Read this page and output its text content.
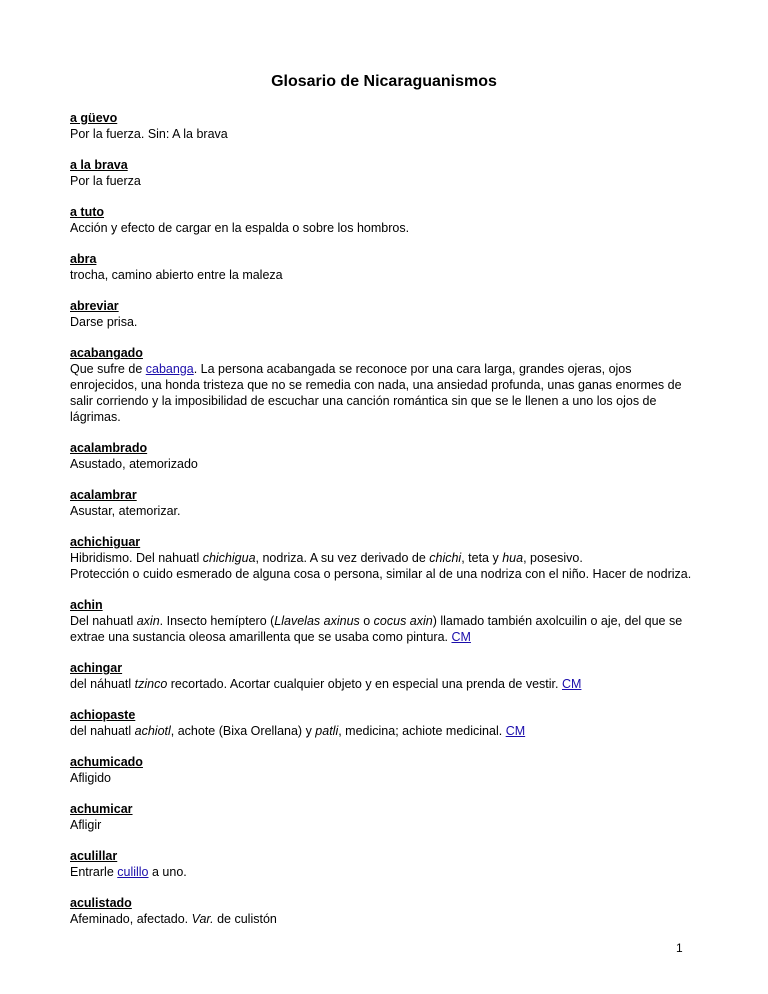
Glosario de Nicaraguanismos

a güevo

Por la fuerza. Sin: A la brava

a la brava

Por la fuerza

a tuto

Acción y efecto de cargar en la espalda o sobre los hombros.

abra

trocha, camino abierto entre la maleza

abreviar

Darse prisa.

acabangado

Que sufre de cabanga. La persona acabangada se reconoce por una cara larga, grandes ojeras, ojos enrojecidos, una honda tristeza que no se remedia con nada, una ansiedad profunda, unas ganas enormes de salir corriendo y la imposibilidad de escuchar una canción romántica sin que se le llenen a uno los ojos de lágrimas.

acalambrado

Asustado, atemorizado

acalambrar

Asustar, atemorizar.

achichiguar

Hibridismo. Del nahuatl chichigua, nodriza. A su vez derivado de chichi, teta y hua, posesivo.
Protección o cuido esmerado de alguna cosa o persona, similar al de una nodriza con el niño. Hacer de nodriza.

achin

Del nahuatl axin. Insecto hemíptero (Llavelas axinus o cocus axin) llamado también axolcuilin o aje, del que se extrae una sustancia oleosa amarillenta que se usaba como pintura. CM

achingar

del náhuatl tzinco recortado. Acortar cualquier objeto y en especial una prenda de vestir. CM

achiopaste

del nahuatl achiotl, achote (Bixa Orellana) y patli, medicina; achiote medicinal. CM

achumicado

Afligido

achumicar

Afligir

aculillar

Entrarle culillo a uno.

aculistado

Afeminado, afectado. Var. de culistón

1
